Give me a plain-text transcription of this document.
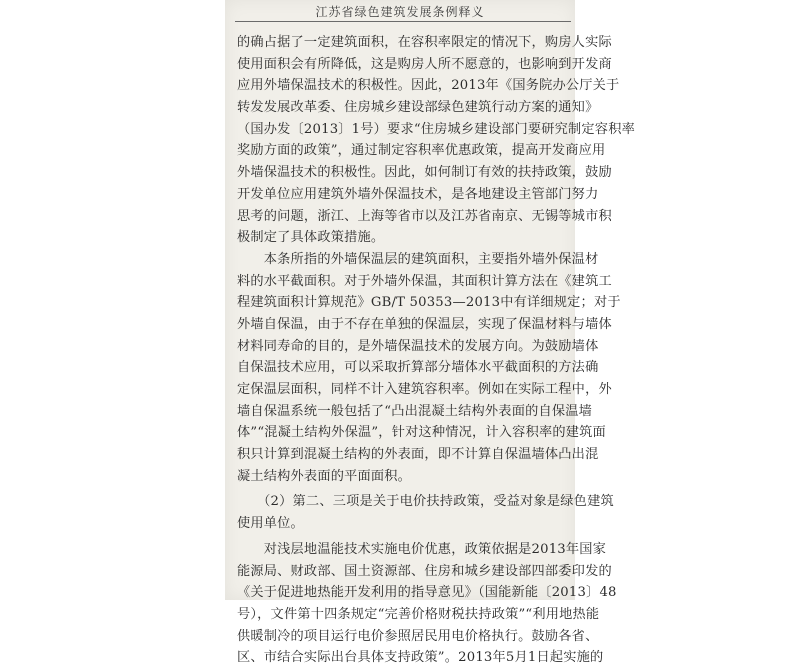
江苏省绿色建筑发展条例释义
的确占据了一定建筑面积，在容积率限定的情况下，购房人实际
使用面积会有所降低，这是购房人所不愿意的，也影响到开发商
应用外墙保温技术的积极性。因此，2013年《国务院办公厅关于
转发发展改革委、住房城乡建设部绿色建筑行动方案的通知》
（国办发〔2013〕1号）要求“住房城乡建设部门要研究制定容积率
奖励方面的政策”，通过制定容积率优惠政策，提高开发商应用
外墙保温技术的积极性。因此，如何制订有效的扶持政策，鼓励
开发单位应用建筑外墙外保温技术，是各地建设主管部门努力
思考的问题，浙江、上海等省市以及江苏省南京、无锡等城市积
极制定了具体政策措施。
　　本条所指的外墙保温层的建筑面积，主要指外墙外保温材
料的水平截面积。对于外墙外保温，其面积计算方法在《建筑工
程建筑面积计算规范》GB/T 50353—2013中有详细规定；对于
外墙自保温，由于不存在单独的保温层，实现了保温材料与墙体
材料同寿命的目的，是外墙保温技术的发展方向。为鼓励墙体
自保温技术应用，可以采取折算部分墙体水平截面积的方法确
定保温层面积，同样不计入建筑容积率。例如在实际工程中，外
墙自保温系统一般包括了“凸出混凝土结构外表面的自保温墙
体”“混凝土结构外保温”，针对这种情况，计入容积率的建筑面
积只计算到混凝土结构的外表面，即不计算自保温墙体凸出混
凝土结构外表面的平面面积。
　　（2）第二、三项是关于电价扶持政策，受益对象是绿色建筑
使用单位。
　　对浅层地温能技术实施电价优惠，政策依据是2013年国家
能源局、财政部、国土资源部、住房和城乡建设部四部委印发的
《关于促进地热能开发利用的指导意见》（国能新能〔2013〕48
号），文件第十四条规定“完善价格财税扶持政策”“利用地热能
供暖制冷的项目运行电价参照居民用电价格执行。鼓励各省、
区、市结合实际出台具体支持政策”。2013年5月1日起实施的
